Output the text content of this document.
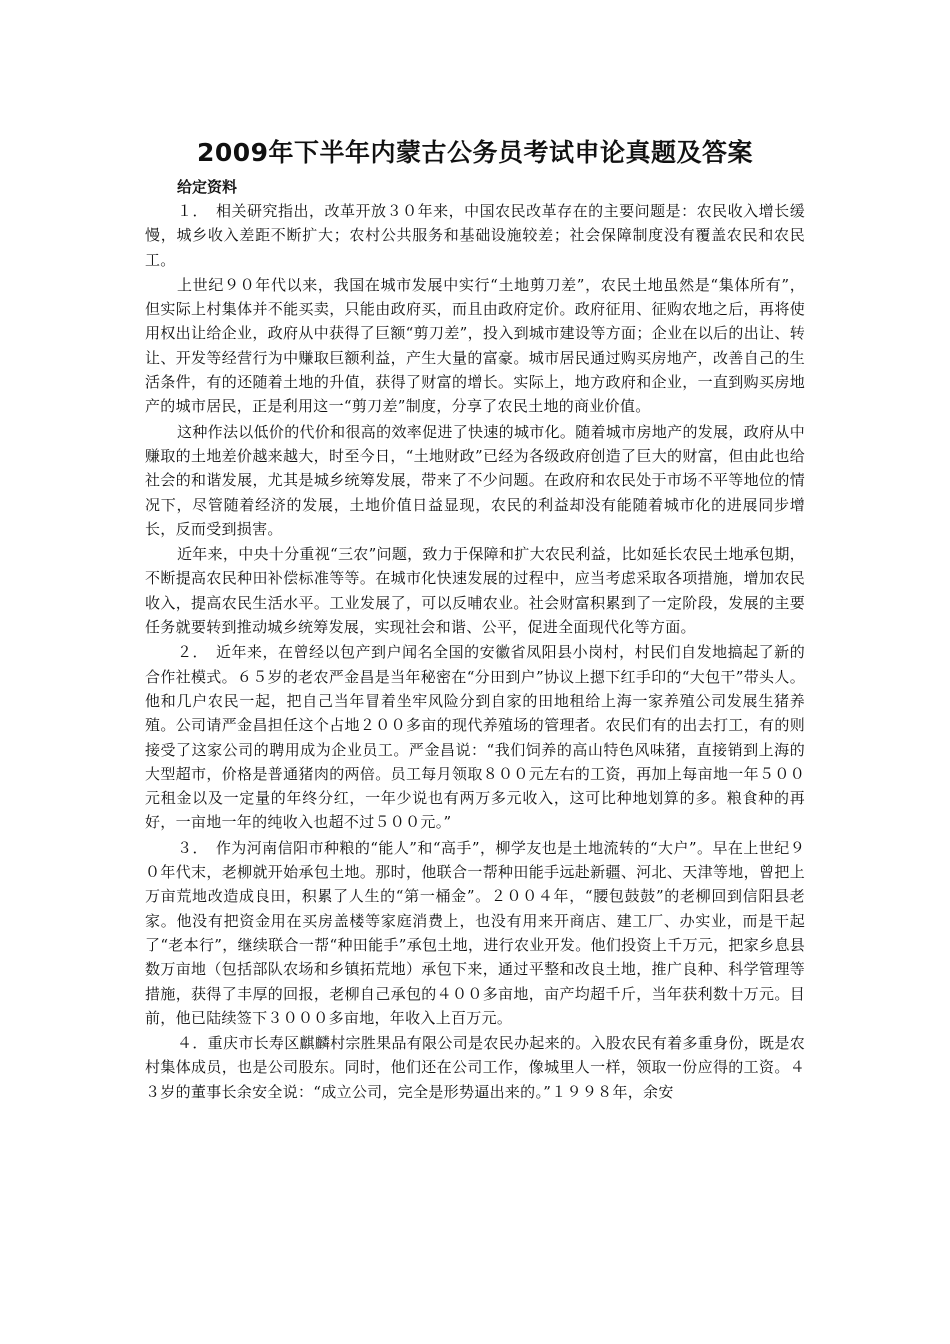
2009年下半年内蒙古公务员考试申论真题及答案
给定资料

１．　相关研究指出，改革开放３０年来，中国农民改革存在的主要问题是：农民收入增长缓慢，城乡收入差距不断扩大；农村公共服务和基础设施较差；社会保障制度没有覆盖农民和农民工。

上世纪９０年代以来，我国在城市发展中实行“土地剪刀差”，农民土地虽然是“集体所有”，但实际上村集体并不能买卖，只能由政府买，而且由政府定价。政府征用、征购农地之后，再将使用权出让给企业，政府从中获得了巨额“剪刀差”，投入到城市建设等方面；企业在以后的出让、转让、开发等经营行为中赚取巨额利益，产生大量的富豪。城市居民通过购买房地产，改善自己的生活条件，有的还随着土地的升值，获得了财富的增长。实际上，地方政府和企业，一直到购买房地产的城市居民，正是利用这一“剪刀差”制度，分享了农民土地的商业价值。

这种作法以低价的代价和很高的效率促进了快速的城市化。随着城市房地产的发展，政府从中赚取的土地差价越来越大，时至今日，“土地财政”已经为各级政府创造了巨大的财富，但由此也给社会的和谐发展，尤其是城乡统筹发展，带来了不少问题。在政府和农民处于市场不平等地位的情况下，尽管随着经济的发展，土地价值日益显现，农民的利益却没有能随着城市化的进展同步增长，反而受到损害。

近年来，中央十分重视“三农”问题，致力于保障和扩大农民利益，比如延长农民土地承包期，不断提高农民种田补偿标准等等。在城市化快速发展的过程中，应当考虑采取各项措施，增加农民收入，提高农民生活水平。工业发展了，可以反哺农业。社会财富积累到了一定阶段，发展的主要任务就要转到推动城乡统筹发展，实现社会和谐、公平，促进全面现代化等方面。

２．　近年来，在曾经以包产到户闻名全国的安徽省凤阳县小岗村，村民们自发地搞起了新的合作社模式。６５岁的老农严金昌是当年秘密在“分田到户”协议上摁下红手印的“大包干”带头人。他和几户农民一起，把自己当年冒着坐牢风险分到自家的田地租给上海一家养殖公司发展生猪养殖。公司请严金昌担任这个占地２００多亩的现代养殖场的管理者。农民们有的出去打工，有的则接受了这家公司的聘用成为企业员工。严金昌说：“我们饲养的高山特色风味猪，直接销到上海的大型超市，价格是普通猪肉的两倍。员工每月领取８００元左右的工资，再加上每亩地一年５００元租金以及一定量的年终分红，一年少说也有两万多元收入，这可比种地划算的多。粮食种的再好，一亩地一年的纯收入也超不过５００元。”

３．　作为河南信阳市种粮的“能人”和“高手”，柳学友也是土地流转的“大户”。早在上世纪９０年代末，老柳就开始承包土地。那时，他联合一帮种田能手远赴新疆、河北、天津等地，曾把上万亩荒地改造成良田，积累了人生的“第一桶金”。２００４年，“腰包鼓鼓”的老柳回到信阳县老家。他没有把资金用在买房盖楼等家庭消费上，也没有用来开商店、建工厂、办实业，而是干起了“老本行”，继续联合一帮“种田能手”承包土地，进行农业开发。他们投资上千万元，把家乡息县数万亩地（包括部队农场和乡镇拓荒地）承包下来，通过平整和改良土地，推广良种、科学管理等措施，获得了丰厚的回报，老柳自己承包的４００多亩地，亩产均超千斤，当年获利数十万元。目前，他已陆续签下３０００多亩地，年收入上百万元。

４．重庆市长寿区麒麟村宗胜果品有限公司是农民办起来的。入股农民有着多重身份，既是农村集体成员，也是公司股东。同时，他们还在公司工作，像城里人一样，领取一份应得的工资。４３岁的董事长余安全说：“成立公司，完全是形势逼出来的。”１９９８年，余安
